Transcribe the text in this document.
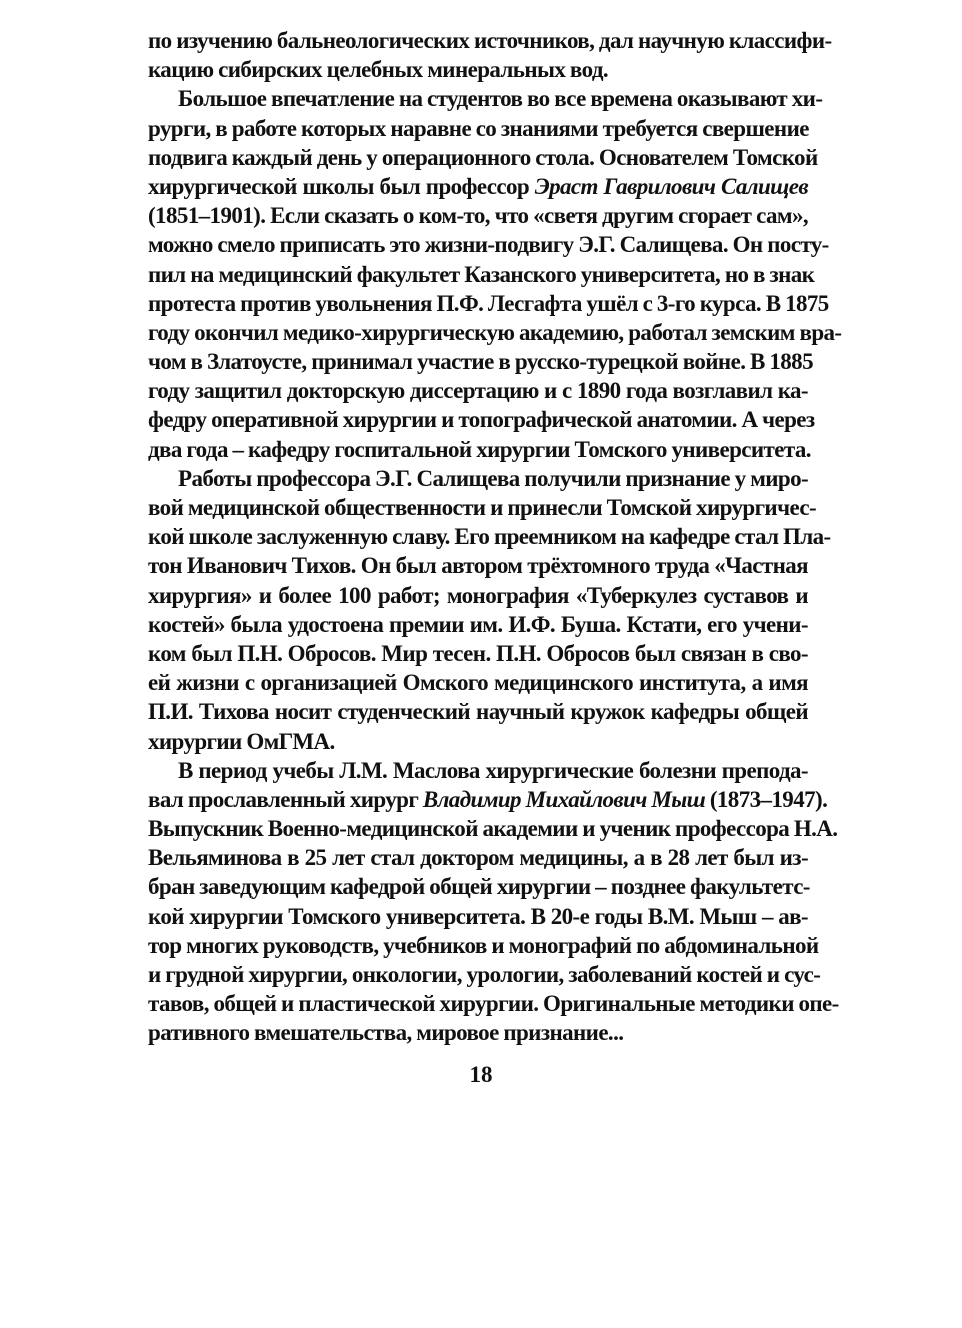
по изучению бальнеологических источников, дал научную классифи-
кацию сибирских целебных минеральных вод.
Большое впечатление на студентов во все времена оказывают хи-
рурги, в работе которых наравне со знаниями требуется свершение
подвига каждый день у операционного стола. Основателем Томской
хирургической школы был профессор Эраст Гаврилович Салищев
(1851–1901). Если сказать о ком-то, что «светя другим сгорает сам»,
можно смело приписать это жизни-подвигу Э.Г. Салищева. Он посту-
пил на медицинский факультет Казанского университета, но в знак
протеста против увольнения П.Ф. Лесгафта ушёл с 3-го курса. В 1875
году окончил медико-хирургическую академию, работал земским вра-
чом в Златоусте, принимал участие в русско-турецкой войне. В 1885
году защитил докторскую диссертацию и с 1890 года возглавил ка-
федру оперативной хирургии и топографической анатомии. А через
два года – кафедру госпитальной хирургии Томского университета.
Работы профессора Э.Г. Салищева получили признание у миро-
вой медицинской общественности и принесли Томской хирургичес-
кой школе заслуженную славу. Его преемником на кафедре стал Пла-
тон Иванович Тихов. Он был автором трёхтомного труда «Частная
хирургия» и более 100 работ; монография «Туберкулез суставов и
костей» была удостоена премии им. И.Ф. Буша. Кстати, его учени-
ком был П.Н. Обросов. Мир тесен. П.Н. Обросов был связан в сво-
ей жизни с организацией Омского медицинского института, а имя
П.И. Тихова носит студенческий научный кружок кафедры общей
хирургии ОмГМА.
В период учебы Л.М. Маслова хирургические болезни препода-
вал прославленный хирург Владимир Михайлович Мыш (1873–1947).
Выпускник Военно-медицинской академии и ученик профессора Н.А.
Вельяминова в 25 лет стал доктором медицины, а в 28 лет был из-
бран заведующим кафедрой общей хирургии – позднее факультетс-
кой хирургии Томского университета. В 20-е годы В.М. Мыш – ав-
тор многих руководств, учебников и монографий по абдоминальной
и грудной хирургии, онкологии, урологии, заболеваний костей и сус-
тавов, общей и пластической хирургии. Оригинальные методики опе-
ративного вмешательства, мировое признание...
18
